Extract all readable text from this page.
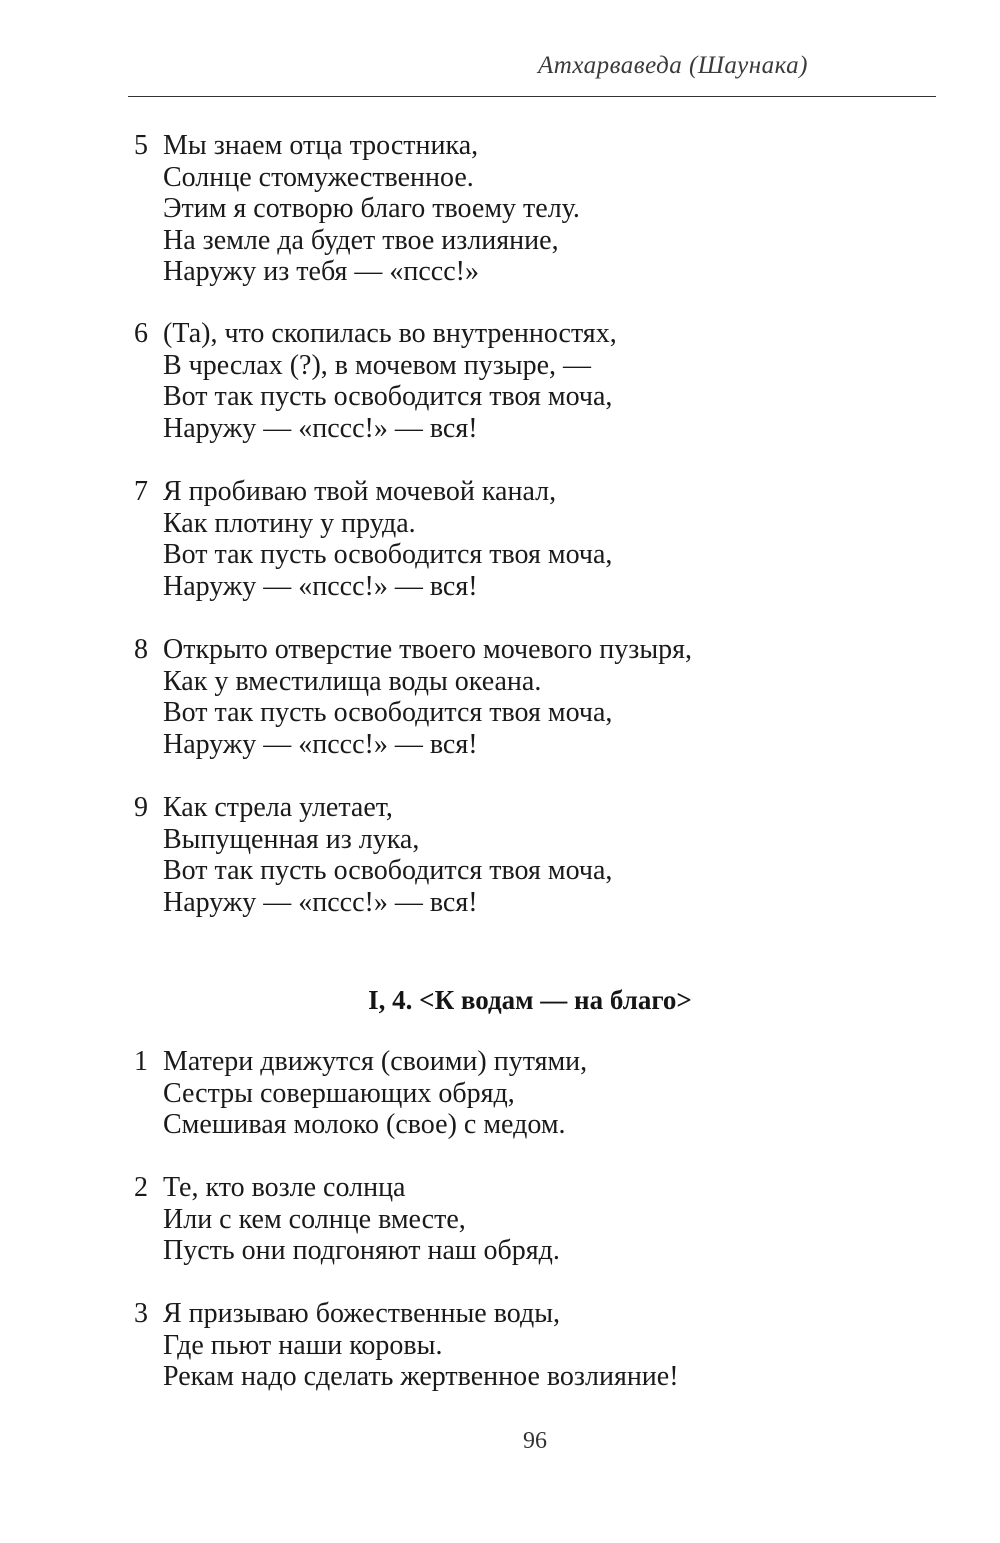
Атхарваведа (Шаунака)
5 Мы знаем отца тростника,
Солнце стомужественное.
Этим я сотворю благо твоему телу.
На земле да будет твое излияние,
Наружу из тебя — «пссс!»
6 (Та), что скопилась во внутренностях,
В чреслах (?), в мочевом пузыре, —
Вот так пусть освободится твоя моча,
Наружу — «пссс!» — вся!
7 Я пробиваю твой мочевой канал,
Как плотину у пруда.
Вот так пусть освободится твоя моча,
Наружу — «пссс!» — вся!
8 Открыто отверстие твоего мочевого пузыря,
Как у вместилища воды океана.
Вот так пусть освободится твоя моча,
Наружу — «пссс!» — вся!
9 Как стрела улетает,
Выпущенная из лука,
Вот так пусть освободится твоя моча,
Наружу — «пссс!» — вся!
I, 4. <К водам — на благо>
1 Матери движутся (своими) путями,
Сестры совершающих обряд,
Смешивая молоко (свое) с медом.
2 Те, кто возле солнца
Или с кем солнце вместе,
Пусть они подгоняют наш обряд.
3 Я призываю божественные воды,
Где пьют наши коровы.
Рекам надо сделать жертвенное возлияние!
96
